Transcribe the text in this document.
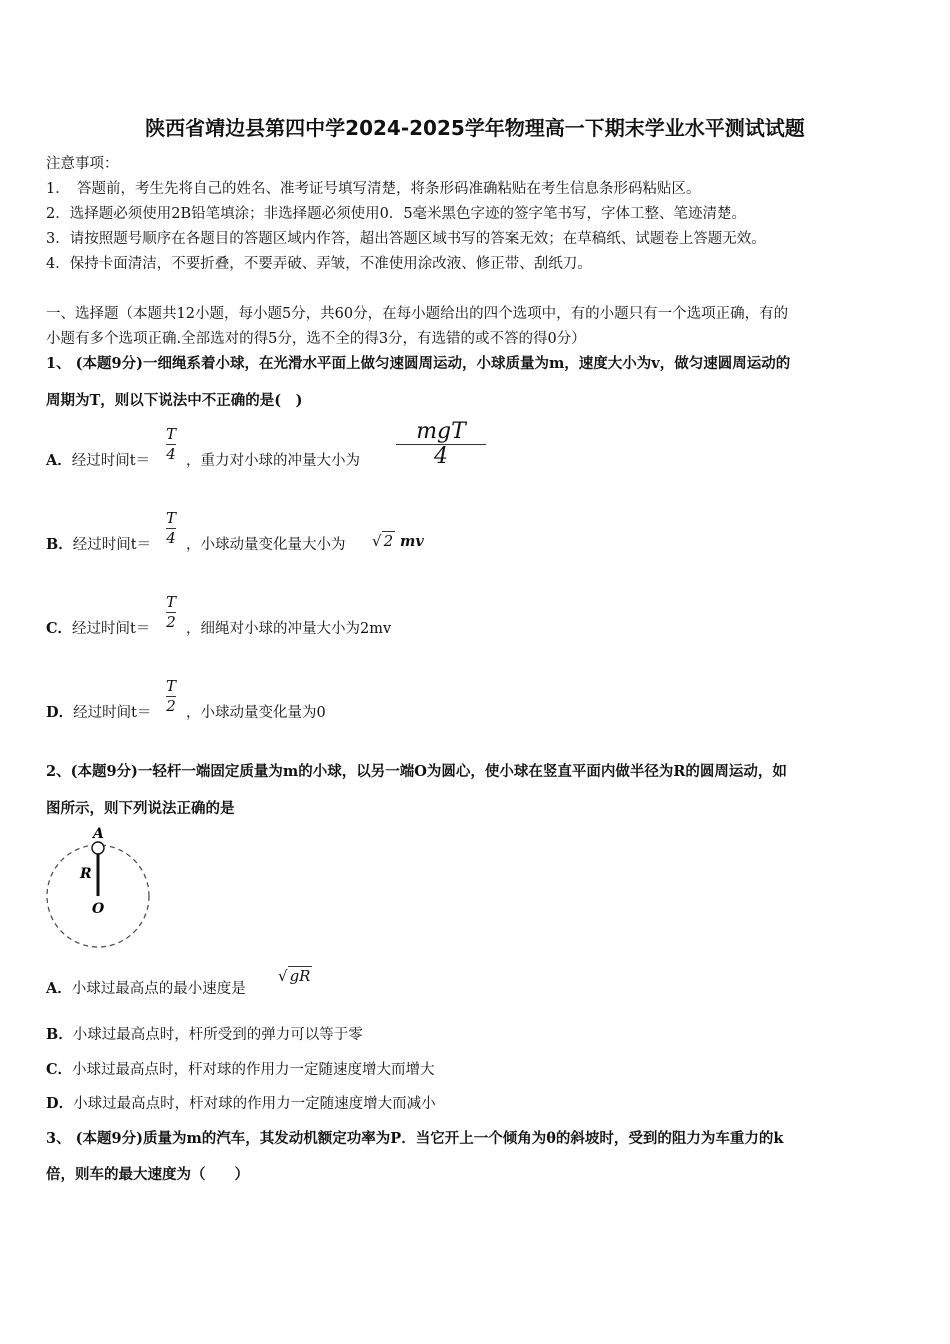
陕西省靖边县第四中学2024-2025学年物理高一下期末学业水平测试试题
注意事项：
1．　答题前，考生先将自己的姓名、准考证号填写清楚，将条形码准确粘贴在考生信息条形码粘贴区。
2．选择题必须使用2B铅笔填涂；非选择题必须使用0．5毫米黑色字迹的签字笔书写，字体工整、笔迹清楚。
3．请按照题号顺序在各题目的答题区域内作答，超出答题区域书写的答案无效；在草稿纸、试题卷上答题无效。
4．保持卡面清洁，不要折叠，不要弄破、弄皱，不准使用涂改液、修正带、刮纸刀。
一、选择题（本题共12小题，每小题5分，共60分，在每小题给出的四个选项中，有的小题只有一个选项正确，有的
小题有多个选项正确.全部选对的得5分，选不全的得3分，有选错的或不答的得0分）
1、 (本题9分)一细绳系着小球，在光滑水平面上做匀速圆周运动，小球质量为m，速度大小为v，做匀速圆周运动的
周期为T，则以下说法中不正确的是(　)
A．经过时间t＝
T
4 ，重力对小球的冲量大小为
mgT
4
B．经过时间t＝
T
4 ，小球动量变化量大小为 √ 2 mv
C．经过时间t＝
T
2 ，细绳对小球的冲量大小为2mv
D．经过时间t＝
T
2 ，小球动量变化量为0
2、(本题9分)一轻杆一端固定质量为m的小球，以另一端O为圆心，使小球在竖直平面内做半径为R的圆周运动，如
图所示，则下列说法正确的是
A
R
O
A．小球过最高点的最小速度是
√ gR
B．小球过最高点时，杆所受到的弹力可以等于零
C．小球过最高点时，杆对球的作用力一定随速度增大而增大
D．小球过最高点时，杆对球的作用力一定随速度增大而减小
3、 (本题9分)质量为m的汽车，其发动机额定功率为P．当它开上一个倾角为θ的斜坡时，受到的阻力为车重力的k
倍，则车的最大速度为（　　）
